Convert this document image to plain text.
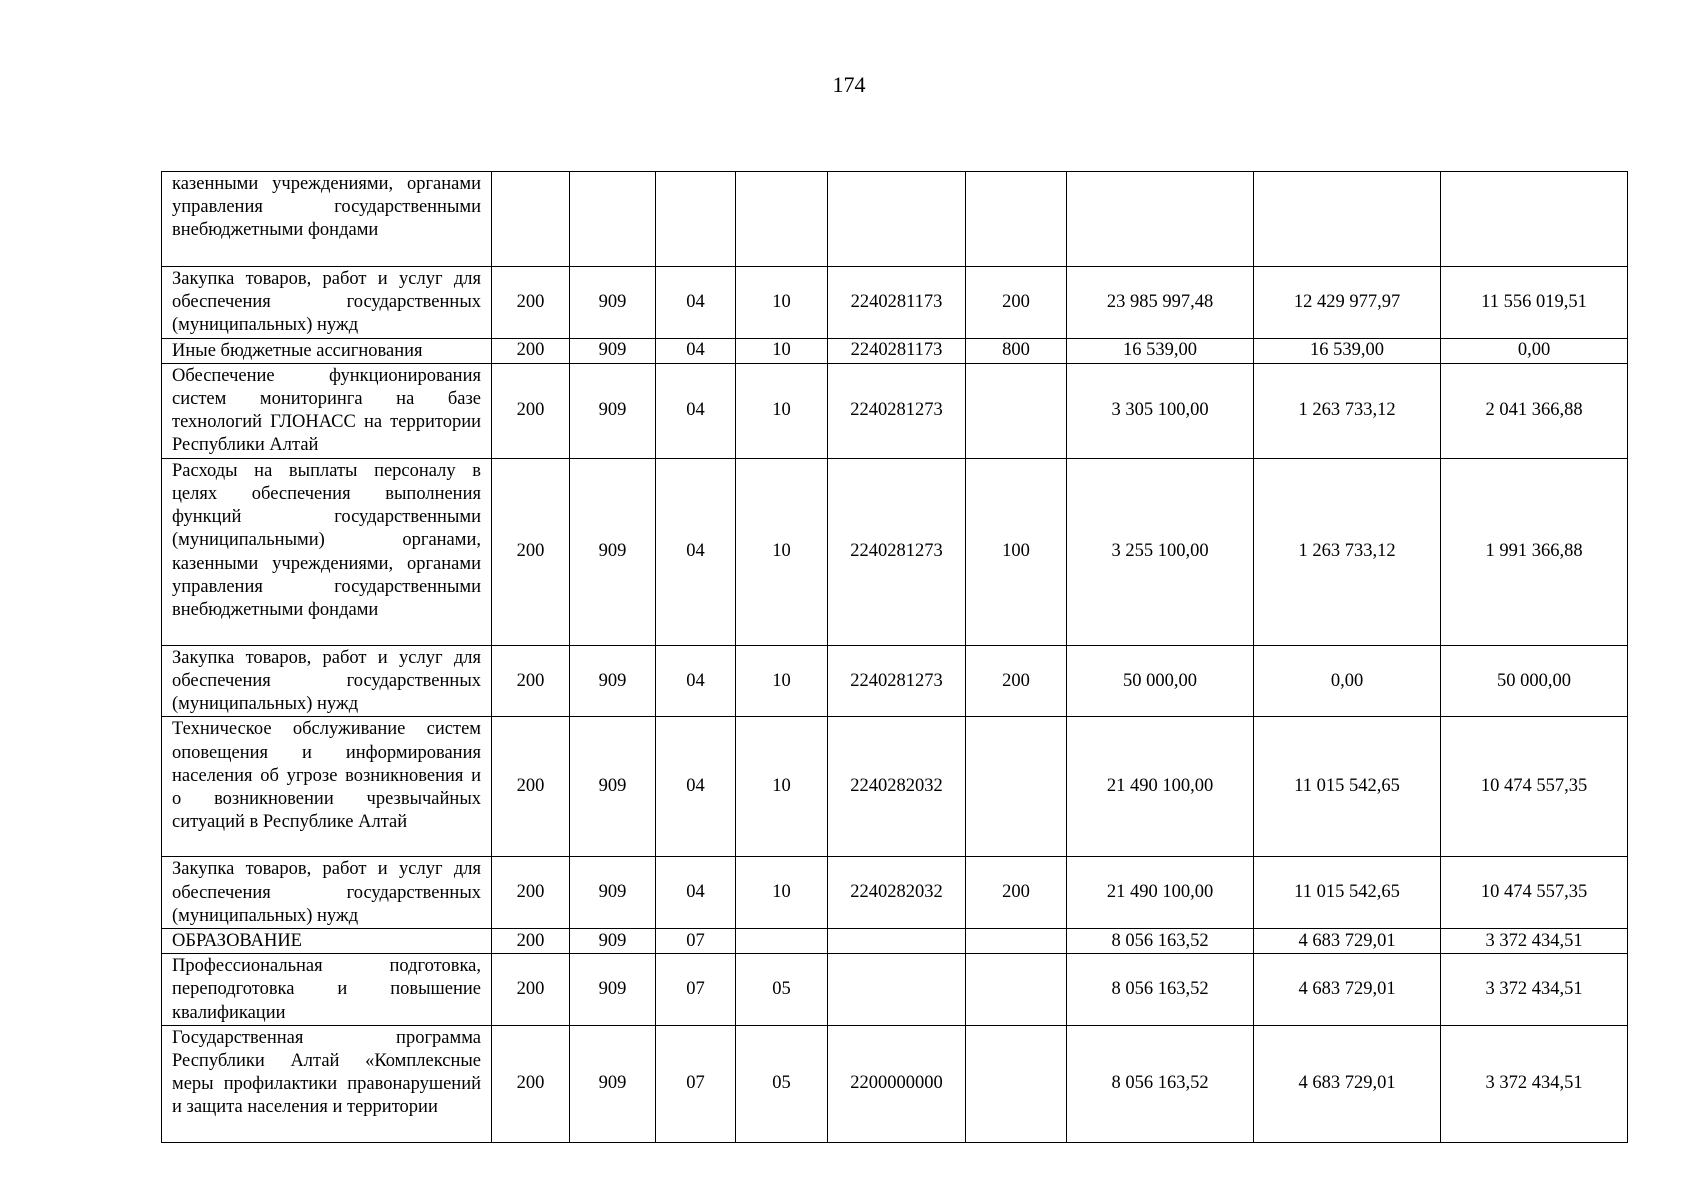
174
казенными учреждениями, органами управления государственными внебюджетными фондами									
Закупка товаров, работ и услуг для обеспечения государственных (муниципальных) нужд	200	909	04	10	2240281173	200	23 985 997,48	12 429 977,97	11 556 019,51
Иные бюджетные ассигнования	200	909	04	10	2240281173	800	16 539,00	16 539,00	0,00
Обеспечение функционирования систем мониторинга на базе технологий ГЛОНАСС на территории Республики Алтай	200	909	04	10	2240281273		3 305 100,00	1 263 733,12	2 041 366,88
Расходы на выплаты персоналу в целях обеспечения выполнения функций государственными (муниципальными) органами, казенными учреждениями, органами управления государственными внебюджетными фондами	200	909	04	10	2240281273	100	3 255 100,00	1 263 733,12	1 991 366,88
Закупка товаров, работ и услуг для обеспечения государственных (муниципальных) нужд	200	909	04	10	2240281273	200	50 000,00	0,00	50 000,00
Техническое обслуживание систем оповещения и информирования населения об угрозе возникновения и о возникновении чрезвычайных ситуаций в Республике Алтай	200	909	04	10	2240282032		21 490 100,00	11 015 542,65	10 474 557,35
Закупка товаров, работ и услуг для обеспечения государственных (муниципальных) нужд	200	909	04	10	2240282032	200	21 490 100,00	11 015 542,65	10 474 557,35
ОБРАЗОВАНИЕ	200	909	07				8 056 163,52	4 683 729,01	3 372 434,51
Профессиональная подготовка, переподготовка и повышение квалификации	200	909	07	05			8 056 163,52	4 683 729,01	3 372 434,51
Государственная программа Республики Алтай «Комплексные меры профилактики правонарушений и защита населения и территории	200	909	07	05	2200000000		8 056 163,52	4 683 729,01	3 372 434,51
